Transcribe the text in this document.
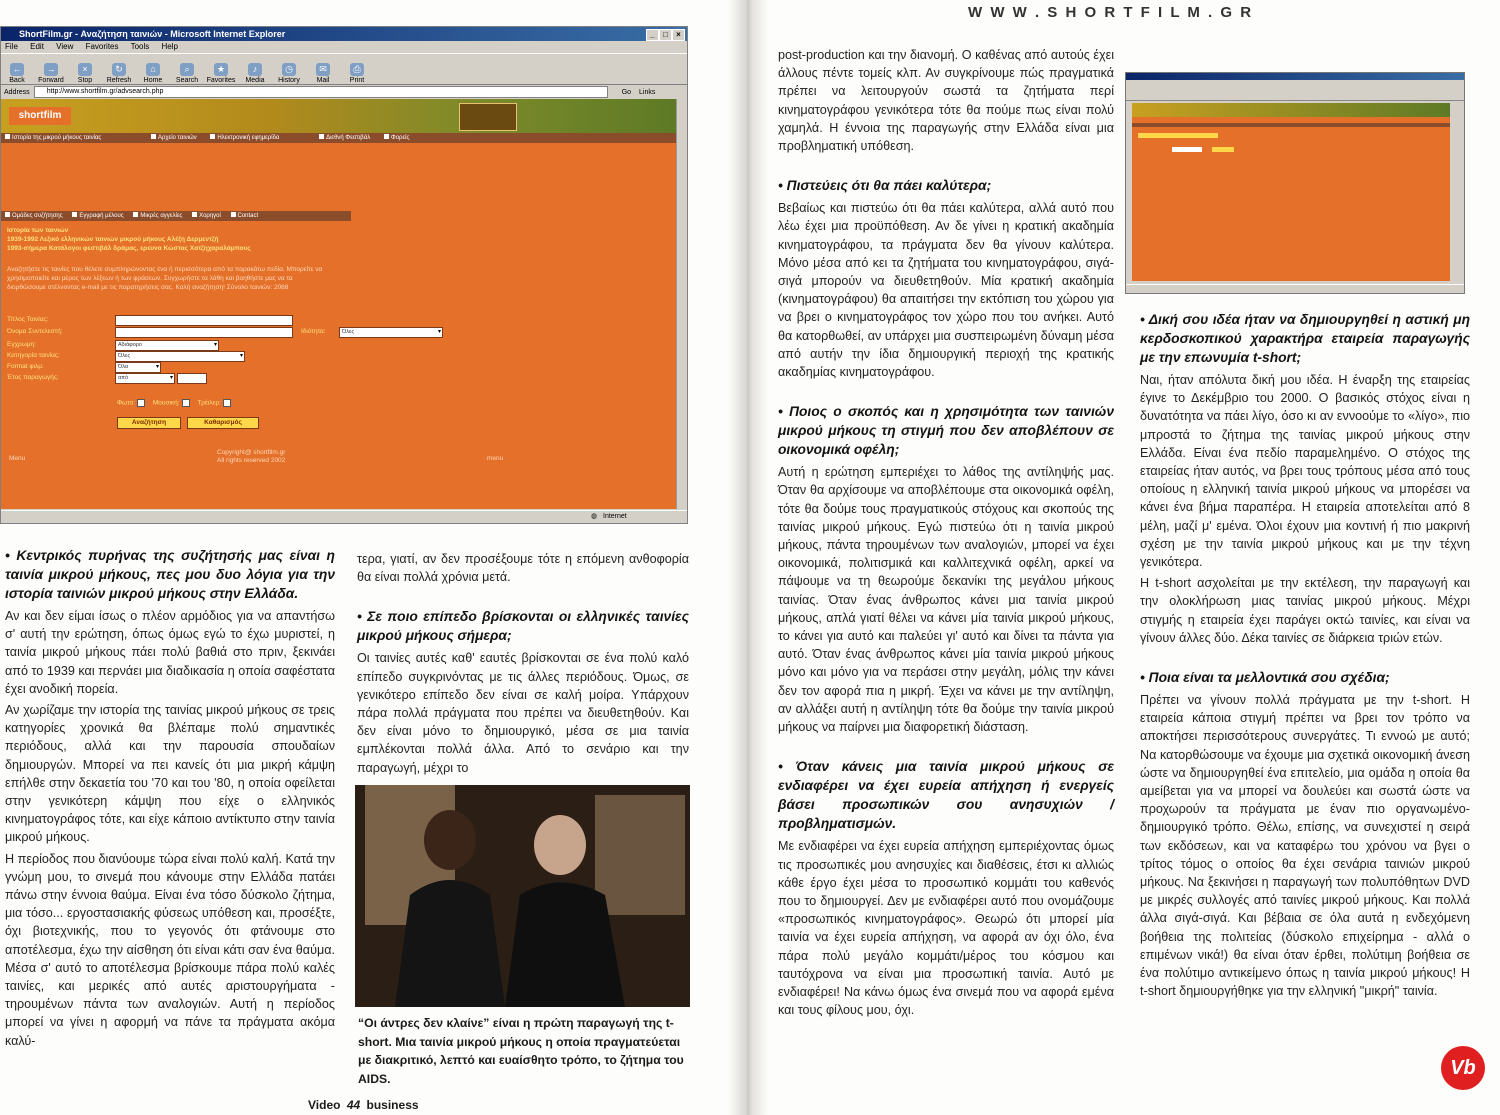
W W W . S H O R T F I L M . G R
ShortFilm.gr - Αναζήτηση ταινιών - Microsoft Internet Explorer	_	□	×
File Edit View Favorites Tools Help
←
Back
→
Forward
×
Stop
↻
Refresh
⌂
Home
⌕
Search
★
Favorites
♪
Media
◷
History
✉
Mail
⎙
Print
Address	http://www.shortfilm.gr/advsearch.php	Go Links
shortfilm
Ιστορία της μικρού μήκους ταινίας	Αρχείο ταινιών	Ηλεκτρονική εφημερίδα	Διεθνή Φεστιβάλ	Φορείς
Ομάδες συζήτησης	Εγγραφή μέλους	Μικρές αγγελίες	Χορηγοί	Contact
Ιστορία των ταινιών
1939-1992 Λεξικό ελληνικών ταινιών μικρού μήκους Αλέξη Δερμεντζή
1993-σήμερα Κατάλογοι φεστιβάλ δράμας, ερευνα Κώστας Χατζηχαραλάμπους
Αναζητήστε τις ταινίες που θέλετε συμπληρώνοντας ένα ή περισσότερα από τα παρακάτω πεδία. Μπορείτε να
χρησιμοποιείτε και μέρος των λέξεων ή των φράσεων. Συγχωρήστε τα λάθη και βοηθήστε μας να τα
διορθώσουμε στέλνοντας e-mail με τις παρατηρήσεις σας. Καλή αναζήτηση! Σύνολο ταινιών: 2068
Τίτλος Ταινίας:
Όνομα Συντελεστή:	Ιδιότητα:	Όλες ▾
Εγχρωμη:	Αδιάφορο ▾
Κατηγορία ταινίας:	Όλες ▾
Format φιλμ:	Όλα ▾
Έτος παραγωγής:	από ▾
Φωτο:	Μουσική:	Τρέιλερ:
Αναζήτηση	Καθαρισμός
Menu	menu
Copyright@ shortfilm.gr
All rights reserved 2002
◍ Internet

• Κεντρικός πυρήνας της συζήτησής μας είναι η ταινία μικρού μήκους, πες μου δυο λόγια για την ιστορία ταινιών μικρού μήκους στην Ελλάδα.

Αν και δεν είμαι ίσως ο πλέον αρμόδιος για να απαντήσω σ' αυτή την ερώτηση, όπως όμως εγώ το έχω μυριστεί, η ταινία μικρού μήκους πάει πολύ βαθιά στο πριν, ξεκινάει από το 1939 και περνάει μια διαδικασία η οποία σαφέστατα έχει ανοδική πορεία.

Αν χωρίζαμε την ιστορία της ταινίας μικρού μήκους σε τρεις κατηγορίες χρονικά θα βλέπαμε πολύ σημαντικές περιόδους, αλλά και την παρουσία σπουδαίων δημιουργών. Μπορεί να πει κανείς ότι μια μικρή κάμψη επήλθε στην δεκαετία του '70 και του '80, η οποία οφείλεται στην γενικότερη κάμψη που είχε ο ελληνικός κινηματογράφος τότε, και είχε κάποιο αντίκτυπο στην ταινία μικρού μήκους.

Η περίοδος που διανύουμε τώρα είναι πολύ καλή. Κατά την γνώμη μου, το σινεμά που κάνουμε στην Ελλάδα πατάει πάνω στην έννοια θαύμα. Είναι ένα τόσο δύσκολο ζήτημα, μια τόσο... εργοστασιακής φύσεως υπόθεση και, προσέξτε, όχι βιοτεχνικής, που το γεγονός ότι φτάνουμε στο αποτέλεσμα, έχω την αίσθηση ότι είναι κάτι σαν ένα θαύμα. Μέσα σ' αυτό το αποτέλεσμα βρίσκουμε πάρα πολύ καλές ταινίες, και μερικές από αυτές αριστουργήματα - τηρουμένων πάντα των αναλογιών. Αυτή η περίοδος μπορεί να γίνει η αφορμή να πάνε τα πράγματα ακόμα καλύ-

τερα, γιατί, αν δεν προσέξουμε τότε η επόμενη ανθοφορία θα είναι πολλά χρόνια μετά.

• Σε ποιο επίπεδο βρίσκονται οι ελληνικές ταινίες μικρού μήκους σήμερα;

Οι ταινίες αυτές καθ' εαυτές βρίσκονται σε ένα πολύ καλό επίπεδο συγκρινόντας με τις άλλες περιόδους. Όμως, σε γενικότερο επίπεδο δεν είναι σε καλή μοίρα. Υπάρχουν πάρα πολλά πράγματα που πρέπει να διευθετηθούν. Και δεν είναι μόνο το δημιουργικό, μέσα σε μια ταινία εμπλέκονται πολλά άλλα. Από το σενάριο και την παραγωγή, μέχρι το

“Οι άντρες δεν κλαίνε” είναι η πρώτη παραγωγή της t-short. Μια ταινία μικρού μήκους η οποία πραγματεύεται με διακριτικό, λεπτό και ευαίσθητο τρόπο, το ζήτημα του AIDS.
Video 44 business

post-production και την διανομή. Ο καθένας από αυτούς έχει άλλους πέντε τομείς κλπ. Αν συγκρίνουμε πώς πραγματικά πρέπει να λειτουργούν σωστά τα ζητήματα περί κινηματογράφου γενικότερα τότε θα πούμε πως είναι πολύ χαμηλά. Η έννοια της παραγωγής στην Ελλάδα είναι μια προβληματική υπόθεση.

• Πιστεύεις ότι θα πάει καλύτερα;

Βεβαίως και πιστεύω ότι θα πάει καλύτερα, αλλά αυτό που λέω έχει μια προϋπόθεση. Αν δε γίνει η κρατική ακαδημία κινηματογράφου, τα πράγματα δεν θα γίνουν καλύτερα. Μόνο μέσα από κει τα ζητήματα του κινηματογράφου, σιγά-σιγά μπορούν να διευθετηθούν. Μία κρατική ακαδημία (κινηματογράφου) θα απαιτήσει την εκτόπιση του χώρου για να βρει ο κινηματογράφος τον χώρο που του ανήκει. Αυτό θα κατορθωθεί, αν υπάρχει μια συσπειρωμένη δύναμη μέσα από αυτήν την ίδια δημιουργική περιοχή της κρατικής ακαδημίας κινηματογράφου.

• Ποιος ο σκοπός και η χρησιμότητα των ταινιών μικρού μήκους τη στιγμή που δεν αποβλέπουν σε οικονομικά οφέλη;

Αυτή η ερώτηση εμπεριέχει το λάθος της αντίληψής μας. Όταν θα αρχίσουμε να αποβλέπουμε στα οικονομικά οφέλη, τότε θα δούμε τους πραγματικούς στόχους και σκοπούς της ταινίας μικρού μήκους. Εγώ πιστεύω ότι η ταινία μικρού μήκους, πάντα τηρουμένων των αναλογιών, μπορεί να έχει οικονομικά, πολιτισμικά και καλλιτεχνικά οφέλη, αρκεί να πάψουμε να τη θεωρούμε δεκανίκι της μεγάλου μήκους ταινίας. Όταν ένας άνθρωπος κάνει μια ταινία μικρού μήκους, απλά γιατί θέλει να κάνει μία ταινία μικρού μήκους, το κάνει για αυτό και παλεύει γι' αυτό και δίνει τα πάντα για αυτό. Όταν ένας άνθρωπος κάνει μία ταινία μικρού μήκους μόνο και μόνο για να περάσει στην μεγάλη, μόλις την κάνει δεν τον αφορά πια η μικρή. Έχει να κάνει με την αντίληψη, αν αλλάξει αυτή η αντίληψη τότε θα δούμε την ταινία μικρού μήκους να παίρνει μια διαφορετική διάσταση.

• Όταν κάνεις μια ταινία μικρού μήκους σε ενδιαφέρει να έχει ευρεία απήχηση ή ενεργείς βάσει προσωπικών σου ανησυχιών / προβληματισμών.

Με ενδιαφέρει να έχει ευρεία απήχηση εμπεριέχοντας όμως τις προσωπικές μου ανησυχίες και διαθέσεις, έτσι κι αλλιώς κάθε έργο έχει μέσα το προσωπικό κομμάτι του καθενός που το δημιουργεί. Δεν με ενδιαφέρει αυτό που ονομάζουμε «προσωπικός κινηματογράφος». Θεωρώ ότι μπορεί μία ταινία να έχει ευρεία απήχηση, να αφορά αν όχι όλο, ένα πάρα πολύ μεγάλο κομμάτι/μέρος του κόσμου και ταυτόχρονα να είναι μια προσωπική ταινία. Αυτό με ενδιαφέρει! Να κάνω όμως ένα σινεμά που να αφορά εμένα και τους φίλους μου, όχι.

• Δική σου ιδέα ήταν να δημιουργηθεί η αστική μη κερδοσκοπικού χαρακτήρα εταιρεία παραγωγής με την επωνυμία t-short;

Ναι, ήταν απόλυτα δική μου ιδέα. Η έναρξη της εταιρείας έγινε το Δεκέμβριο του 2000. Ο βασικός στόχος είναι η δυνατότητα να πάει λίγο, όσο κι αν εννοούμε το «λίγο», πιο μπροστά το ζήτημα της ταινίας μικρού μήκους στην Ελλάδα. Είναι ένα πεδίο παραμελημένο. Ο στόχος της εταιρείας ήταν αυτός, να βρει τους τρόπους μέσα από τους οποίους η ελληνική ταινία μικρού μήκους να μπορέσει να κάνει ένα βήμα παραπέρα. Η εταιρεία αποτελείται από 8 μέλη, μαζί μ' εμένα. Όλοι έχουν μια κοντινή ή πιο μακρινή σχέση με την ταινία μικρού μήκους και με την τέχνη γενικότερα.

Η t-short ασχολείται με την εκτέλεση, την παραγωγή και την ολοκλήρωση μιας ταινίας μικρού μήκους. Μέχρι στιγμής η εταιρεία έχει παράγει οκτώ ταινίες, και είναι να γίνουν άλλες δύο. Δέκα ταινίες σε διάρκεια τριών ετών.

• Ποια είναι τα μελλοντικά σου σχέδια;

Πρέπει να γίνουν πολλά πράγματα με την t-short. Η εταιρεία κάποια στιγμή πρέπει να βρει τον τρόπο να αποκτήσει περισσότερους συνεργάτες. Τι εννοώ με αυτό; Να κατορθώσουμε να έχουμε μια σχετικά οικονομική άνεση ώστε να δημιουργηθεί ένα επιτελείο, μια ομάδα η οποία θα αμείβεται για να μπορεί να δουλεύει και σωστά ώστε να προχωρούν τα πράγματα με έναν πιο οργανωμένο-δημιουργικό τρόπο. Θέλω, επίσης, να συνεχιστεί η σειρά των εκδόσεων, και να καταφέρω του χρόνου να βγει ο τρίτος τόμος ο οποίος θα έχει σενάρια ταινιών μικρού μήκους. Να ξεκινήσει η παραγωγή των πολυπόθητων DVD με μικρές συλλογές από ταινίες μικρού μήκους. Και πολλά άλλα σιγά-σιγά. Και βέβαια σε όλα αυτά η ενδεχόμενη βοήθεια της πολιτείας (δύσκολο επιχείρημα - αλλά ο επιμένων νικά!) θα είναι όταν έρθει, πολύτιμη βοήθεια σε ένα πολύτιμο αντικείμενο όπως η ταινία μικρού μήκους! Η t-short δημιουργήθηκε για την ελληνική "μικρή" ταινία.

Vb
